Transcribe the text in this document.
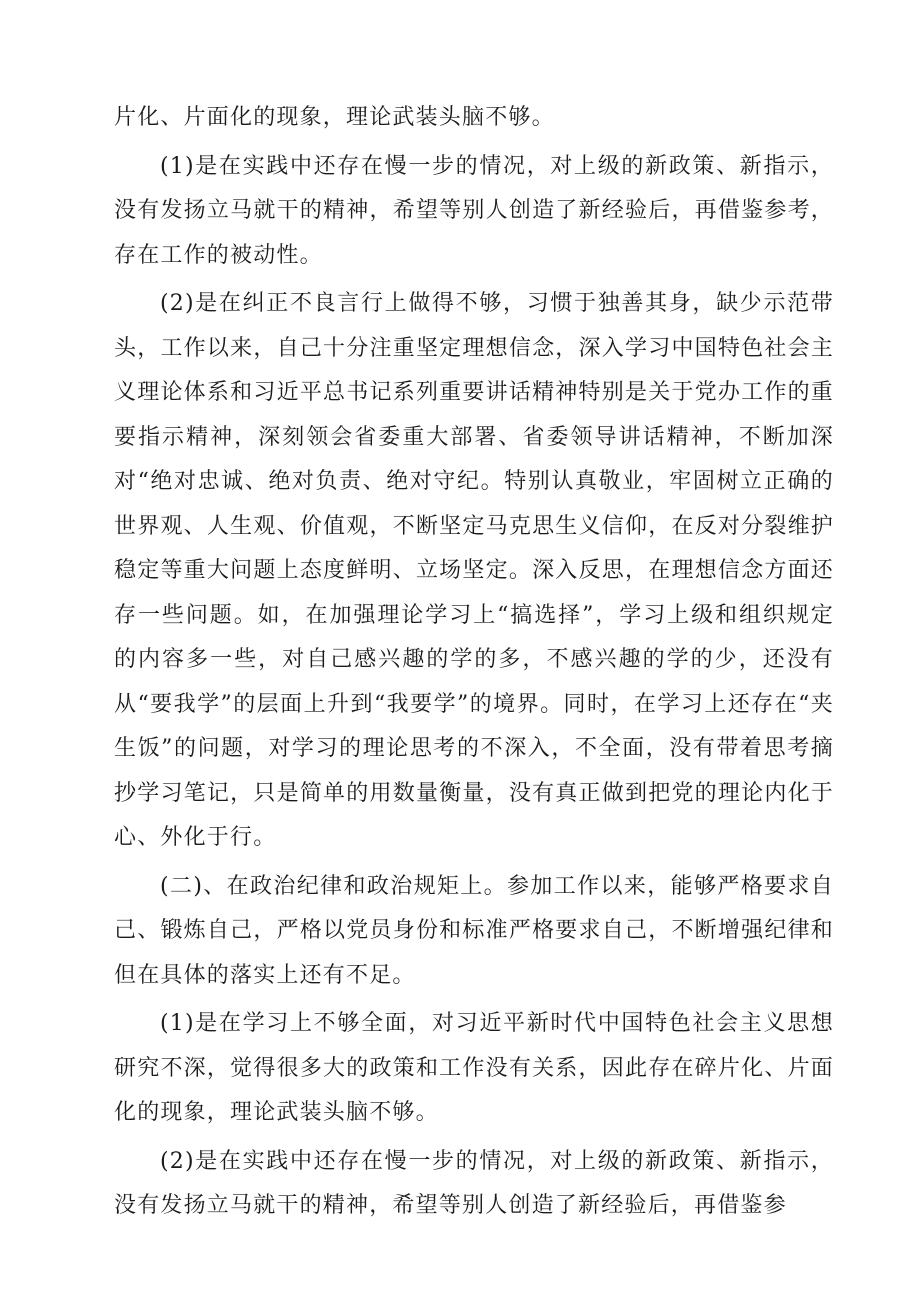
片化、片面化的现象，理论武装头脑不够。

(1)是在实践中还存在慢一步的情况，对上级的新政策、新指示，没有发扬立马就干的精神，希望等别人创造了新经验后，再借鉴参考，存在工作的被动性。

(2)是在纠正不良言行上做得不够，习惯于独善其身，缺少示范带头，工作以来，自己十分注重坚定理想信念，深入学习中国特色社会主义理论体系和习近平总书记系列重要讲话精神特别是关于党办工作的重要指示精神，深刻领会省委重大部署、省委领导讲话精神，不断加深对“绝对忠诚、绝对负责、绝对守纪。特别认真敬业，牢固树立正确的世界观、人生观、价值观，不断坚定马克思生义信仰，在反对分裂维护稳定等重大问题上态度鲜明、立场坚定。深入反思，在理想信念方面还存一些问题。如，在加强理论学习上“搞选择”，学习上级和组织规定的内容多一些，对自己感兴趣的学的多，不感兴趣的学的少，还没有从“要我学”的层面上升到“我要学”的境界。同时，在学习上还存在“夹生饭”的问题，对学习的理论思考的不深入，不全面，没有带着思考摘抄学习笔记，只是简单的用数量衡量，没有真正做到把党的理论内化于心、外化于行。

(二)、在政治纪律和政治规矩上。参加工作以来，能够严格要求自己、锻炼自己，严格以党员身份和标准严格要求自己，不断增强纪律和但在具体的落实上还有不足。

(1)是在学习上不够全面，对习近平新时代中国特色社会主义思想研究不深，觉得很多大的政策和工作没有关系，因此存在碎片化、片面化的现象，理论武装头脑不够。

(2)是在实践中还存在慢一步的情况，对上级的新政策、新指示，没有发扬立马就干的精神，希望等别人创造了新经验后，再借鉴参
